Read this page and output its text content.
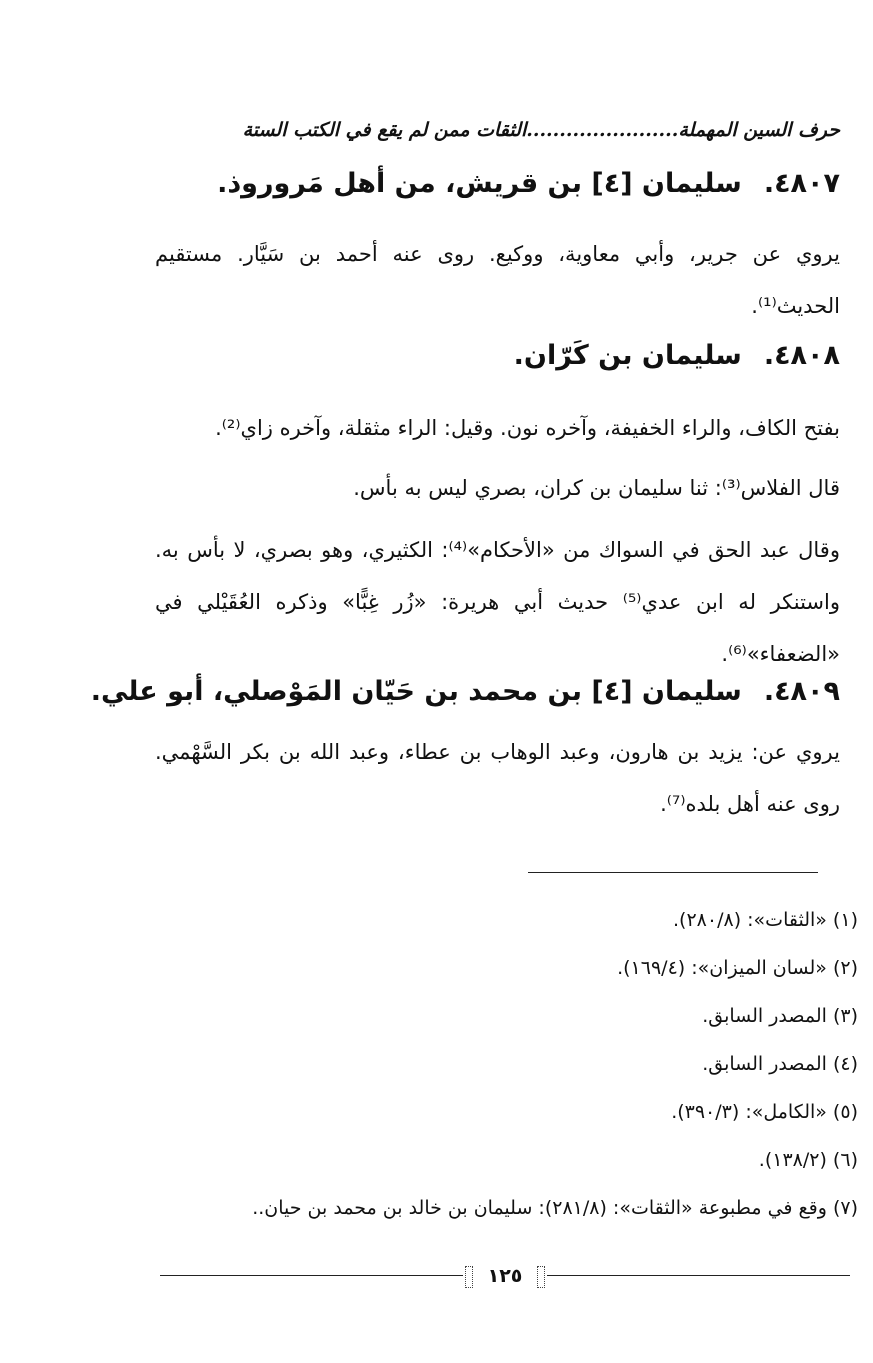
حرف السين المهملة.......................الثقات ممن لم يقع في الكتب الستة
٤٨٠٧.سليمان [٤] بن قريش، من أهل مَروروذ.
يروي عن جرير، وأبي معاوية، ووكيع. روى عنه أحمد بن سَيَّار. مستقيم الحديث⁽¹⁾.
٤٨٠٨.سليمان بن كَرّان.
بفتح الكاف، والراء الخفيفة، وآخره نون. وقيل: الراء مثقلة، وآخره زاي⁽²⁾.
قال الفلاس⁽³⁾: ثنا سليمان بن كران، بصري ليس به بأس.
وقال عبد الحق في السواك من «الأحكام»⁽⁴⁾: الكثيري، وهو بصري، لا بأس به. واستنكر له ابن عدي⁽⁵⁾ حديث أبي هريرة: «زُر غِبًّا» وذكره العُقَيْلي في «الضعفاء»⁽⁶⁾.
٤٨٠٩.سليمان [٤] بن محمد بن حَيّان المَوْصلي، أبو علي.
يروي عن: يزيد بن هارون، وعبد الوهاب بن عطاء، وعبد الله بن بكر السَّهْمي. روى عنه أهل بلده⁽⁷⁾.
(١) «الثقات»: (٢٨٠/٨).
(٢) «لسان الميزان»: (١٦٩/٤).
(٣) المصدر السابق.
(٤) المصدر السابق.
(٥) «الكامل»: (٣٩٠/٣).
(٦) (١٣٨/٢).
(٧) وقع في مطبوعة «الثقات»: (٢٨١/٨): سليمان بن خالد بن محمد بن حيان..
١٢٥
